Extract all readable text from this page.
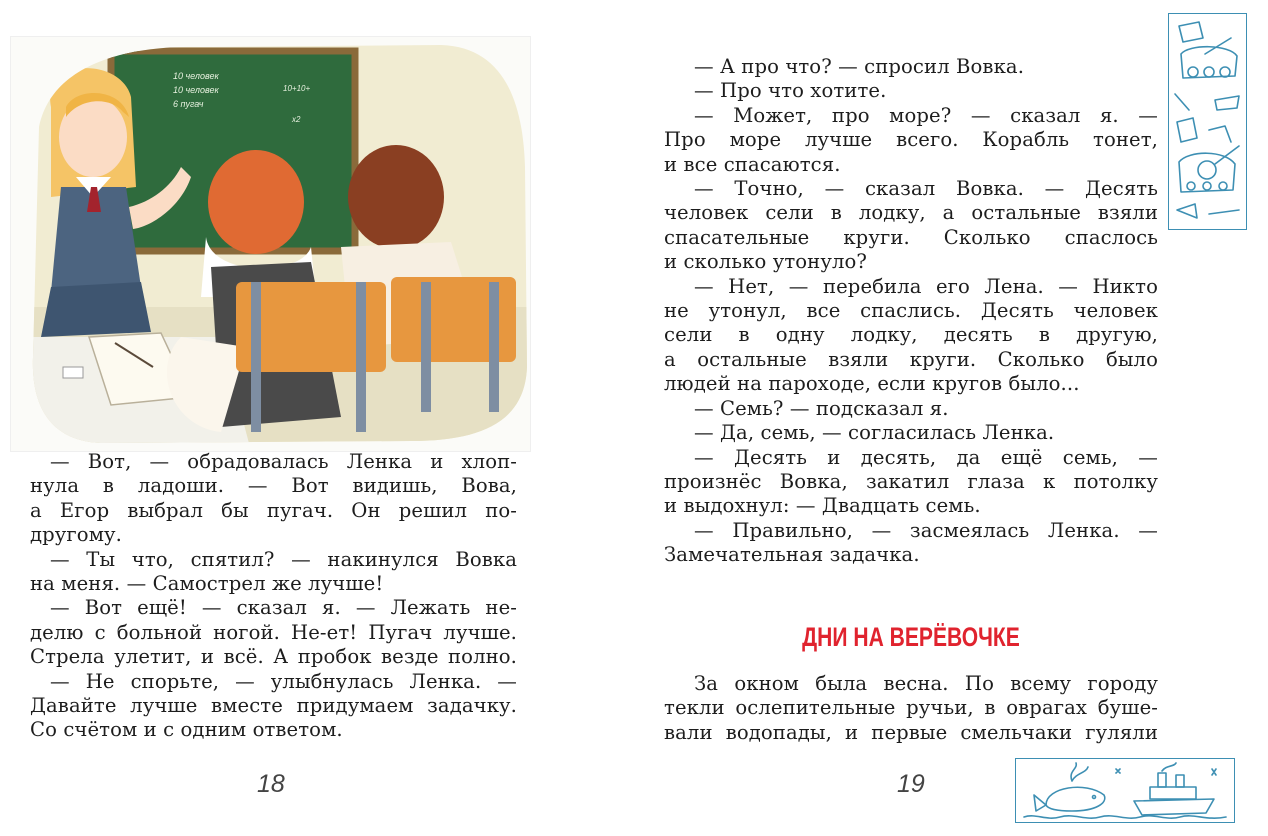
10 человек
10 человек
6 пугач
10+10+
x2
— Вот, — обрадовалась Ленка и хлоп-
нула в ладоши. — Вот видишь, Вова,
а Егор выбрал бы пугач. Он решил по-
другому.
— Ты что, спятил? — накинулся Вовка
на меня. — Самострел же лучше!
— Вот ещё! — сказал я. — Лежать не-
делю с больной ногой. Не-ет! Пугач лучше.
Стрела улетит, и всё. А пробок везде полно.
— Не спорьте, — улыбнулась Ленка. —
Давайте лучше вместе придумаем задачку.
Со счётом и с одним ответом.
18
— А про что? — спросил Вовка.
— Про что хотите.
— Может, про море? — сказал я. —
Про море лучше всего. Корабль тонет,
и все спасаются.
— Точно, — сказал Вовка. — Десять
человек сели в лодку, а остальные взяли
спасательные круги. Сколько спаслось
и сколько утонуло?
— Нет, — перебила его Лена. — Никто
не утонул, все спаслись. Десять человек
сели в одну лодку, десять в другую,
а остальные взяли круги. Сколько было
людей на пароходе, если кругов было...
— Семь? — подсказал я.
— Да, семь, — согласилась Ленка.
— Десять и десять, да ещё семь, —
произнёс Вовка, закатил глаза к потолку
и выдохнул: — Двадцать семь.
— Правильно, — засмеялась Ленка. —
Замечательная задачка.
ДНИ НА ВЕРЁВОЧКЕ
За окном была весна. По всему городу
текли ослепительные ручьи, в оврагах буше-
вали водопады, и первые смельчаки гуляли
19
